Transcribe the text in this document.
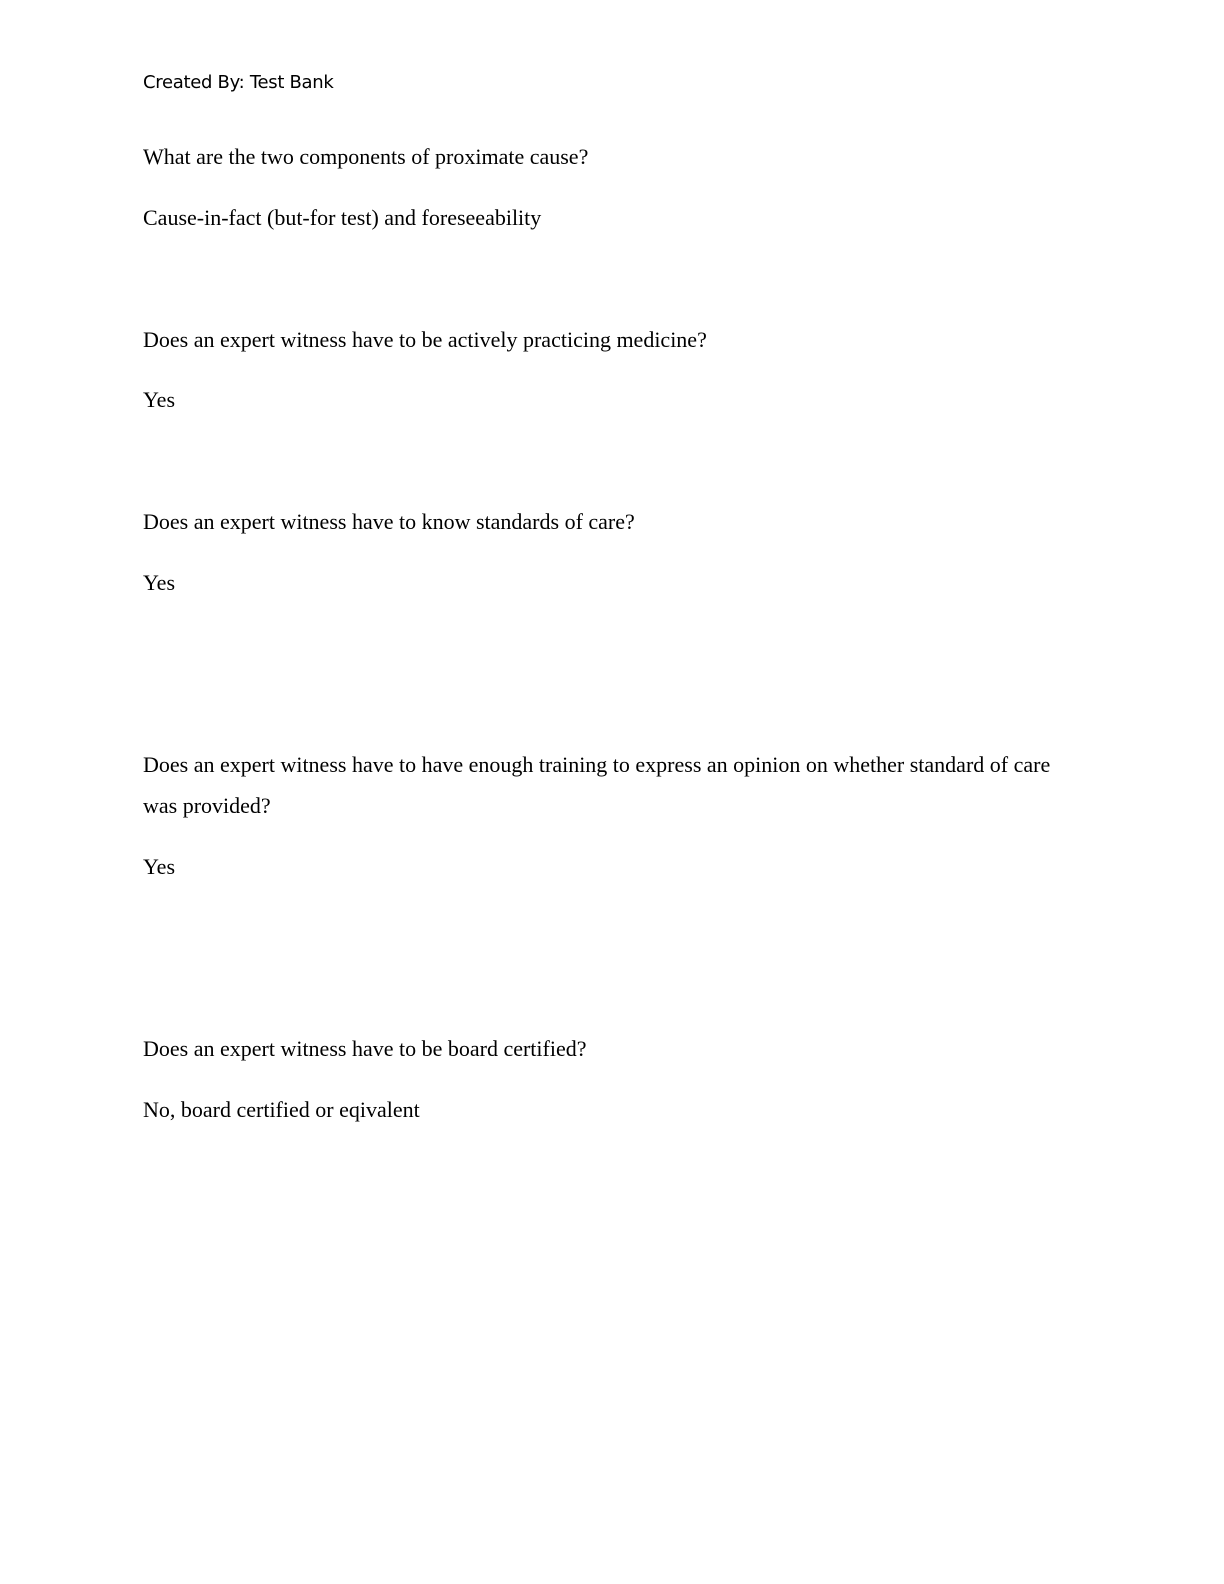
Created By: Test Bank
What are the two components of proximate cause?
Cause-in-fact (but-for test) and foreseeability
Does an expert witness have to be actively practicing medicine?
Yes
Does an expert witness have to know standards of care?
Yes
Does an expert witness have to have enough training to express an opinion on whether standard of care was provided?
Yes
Does an expert witness have to be board certified?
No, board certified or eqivalent
